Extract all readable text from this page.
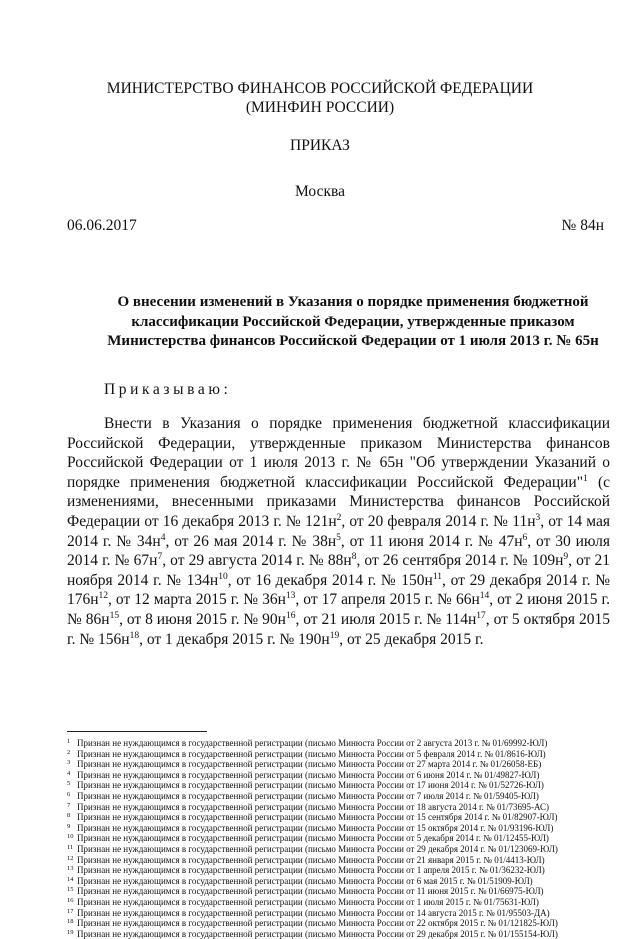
МИНИСТЕРСТВО ФИНАНСОВ РОССИЙСКОЙ ФЕДЕРАЦИИ
(МИНФИН РОССИИ)
ПРИКАЗ
Москва
06.06.2017	№ 84н
О внесении изменений в Указания о порядке применения бюджетной классификации Российской Федерации, утвержденные приказом Министерства финансов Российской Федерации от 1 июля 2013 г. № 65н
Приказываю:

Внести в Указания о порядке применения бюджетной классификации Российской Федерации, утвержденные приказом Министерства финансов Российской Федерации от 1 июля 2013 г. № 65н "Об утверждении Указаний о порядке применения бюджетной классификации Российской Федерации"$^1$ (с изменениями, внесенными приказами Министерства финансов Российской Федерации от 16 декабря 2013 г. № $121н^2$, от 20 февраля 2014 г. № $11н^3$, от 14 мая 2014 г. № $34н^4$, от 26 мая 2014 г. № $38н^5$, от 11 июня 2014 г. № $47н^6$, от 30 июля 2014 г. № $67н^7$, от 29 августа 2014 г. № $88н^8$, от 26 сентября 2014 г. № $109н^9$, от 21 ноября 2014 г. № $134н^{10}$, от 16 декабря 2014 г. № $150н^{11}$, от 29 декабря 2014 г. № $176н^{12}$, от 12 марта 2015 г. № $36н^{13}$, от 17 апреля 2015 г. № $66н^{14}$, от 2 июня 2015 г. № $86н^{15}$, от 8 июня 2015 г. № $90н^{16}$, от 21 июля 2015 г. № $114н^{17}$, от 5 октября 2015 г. № $156н^{18}$, от 1 декабря 2015 г. № $190н^{19}$, от 25 декабря 2015 г.

1 Признан не нуждающимся в государственной регистрации (письмо Минюста России от 2 августа 2013 г. № 01/69992-ЮЛ)
2 Признан не нуждающимся в государственной регистрации (письмо Минюста России от 5 февраля 2014 г. № 01/8616-ЮЛ)
3 Признан не нуждающимся в государственной регистрации (письмо Минюста России от 27 марта 2014 г. № 01/26058-ЕБ)
4 Признан не нуждающимся в государственной регистрации (письмо Минюста России от 6 июня 2014 г. № 01/49827-ЮЛ)
5 Признан не нуждающимся в государственной регистрации (письмо Минюста России от 17 июня 2014 г. № 01/52726-ЮЛ)
6 Признан не нуждающимся в государственной регистрации (письмо Минюста России от 7 июля 2014 г. № 01/59405-ЮЛ)
7 Признан не нуждающимся в государственной регистрации (письмо Минюста России от 18 августа 2014 г. № 01/73695-АС)
8 Признан не нуждающимся в государственной регистрации (письмо Минюста России от 15 сентября 2014 г. № 01/82907-ЮЛ)
9 Признан не нуждающимся в государственной регистрации (письмо Минюста России от 15 октября 2014 г. № 01/93196-ЮЛ)
10 Признан не нуждающимся в государственной регистрации (письмо Минюста России от 5 декабря 2014 г. № 01/12455-ЮЛ)
11 Признан не нуждающимся в государственной регистрации (письмо Минюста России от 29 декабря 2014 г. № 01/123069-ЮЛ)
12 Признан не нуждающимся в государственной регистрации (письмо Минюста России от 21 января 2015 г. № 01/4413-ЮЛ)
13 Признан не нуждающимся в государственной регистрации (письмо Минюста России от 1 апреля 2015 г. № 01/36232-ЮЛ)
14 Признан не нуждающимся в государственной регистрации (письмо Минюста России от 6 мая 2015 г. № 01/51909-ЮЛ)
15 Признан не нуждающимся в государственной регистрации (письмо Минюста России от 11 июня 2015 г. № 01/66975-ЮЛ)
16 Признан не нуждающимся в государственной регистрации (письмо Минюста России от 1 июля 2015 г. № 01/75631-ЮЛ)
17 Признан не нуждающимся в государственной регистрации (письмо Минюста России от 14 августа 2015 г. № 01/95503-ДА)
18 Признан не нуждающимся в государственной регистрации (письмо Минюста России от 22 октября 2015 г. № 01/121825-ЮЛ)
19 Признан не нуждающимся в государственной регистрации (письмо Минюста России от 29 декабря 2015 г. № 01/155154-ЮЛ)
